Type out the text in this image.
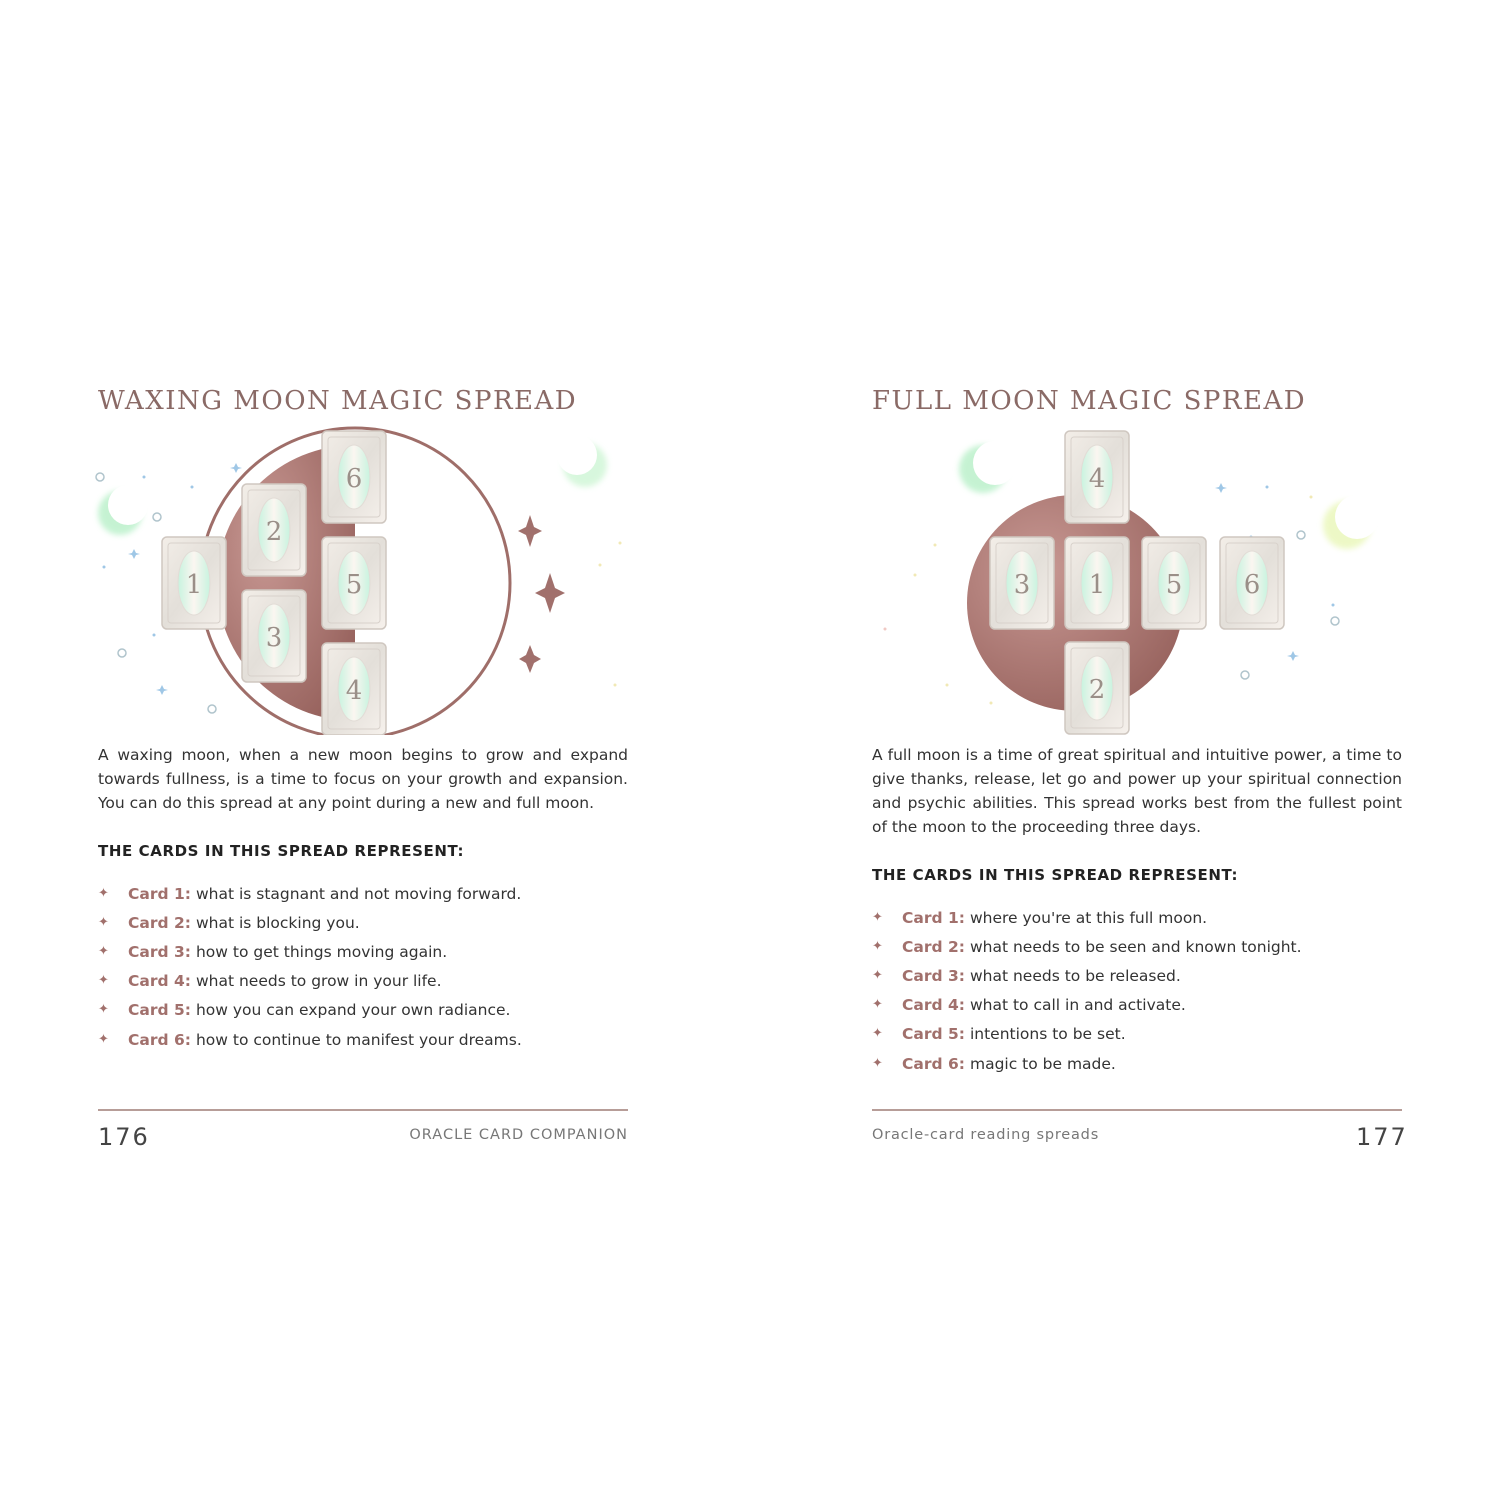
WAXING MOON MAGIC SPREAD
1
2
3
4
5
6

A waxing moon, when a new moon begins to grow and expand towards fullness, is a time to focus on your growth and expansion. You can do this spread at any point during a new and full moon.

THE CARDS IN THIS SPREAD REPRESENT:
✦	Card 1: what is stagnant and not moving forward.
✦	Card 2: what is blocking you.
✦	Card 3: how to get things moving again.
✦	Card 4: what needs to grow in your life.
✦	Card 5: how you can expand your own radiance.
✦	Card 6: how to continue to manifest your dreams.

176	ORACLE CARD COMPANION

FULL MOON MAGIC SPREAD
4
3 1 5 6
2

A full moon is a time of great spiritual and intuitive power, a time to give thanks, release, let go and power up your spiritual connection and psychic abilities. This spread works best from the fullest point of the moon to the proceeding three days.

THE CARDS IN THIS SPREAD REPRESENT:
✦	Card 1: where you're at this full moon.
✦	Card 2: what needs to be seen and known tonight.
✦	Card 3: what needs to be released.
✦	Card 4: what to call in and activate.
✦	Card 5: intentions to be set.
✦	Card 6: magic to be made.

Oracle-card reading spreads	177
